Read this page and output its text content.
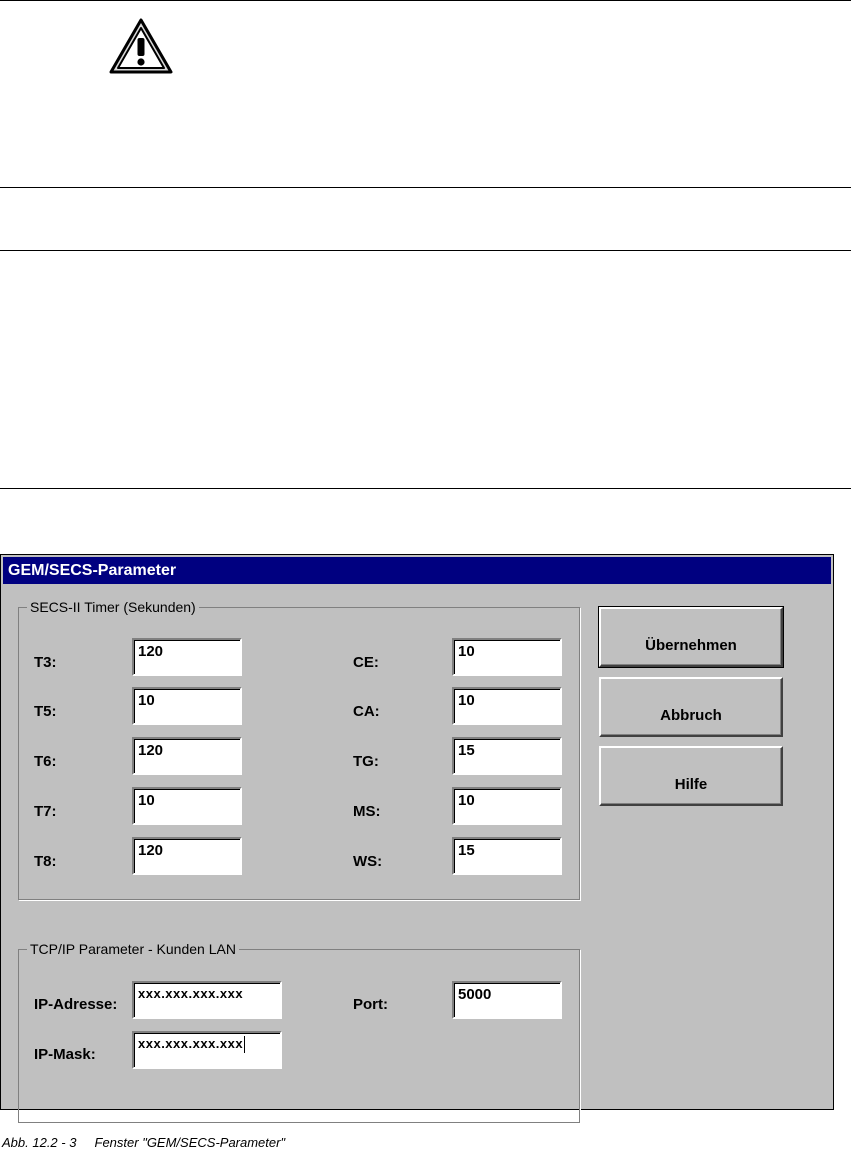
GEM/SECS-Parameter
SECS-II Timer (Sekunden)
T3:
120
T5:
10
T6:
120
T7:
10
T8:
120
CE:
10
CA:
10
TG:
15
MS:
10
WS:
15
TCP/IP Parameter - Kunden LAN
IP-Adresse:
xxx.xxx.xxx.xxx
IP-Mask:
xxx.xxx.xxx.xxx
Port:
5000
Übernehmen
Abbruch
Hilfe
Abb. 12.2 - 3 Fenster "GEM/SECS-Parameter"
